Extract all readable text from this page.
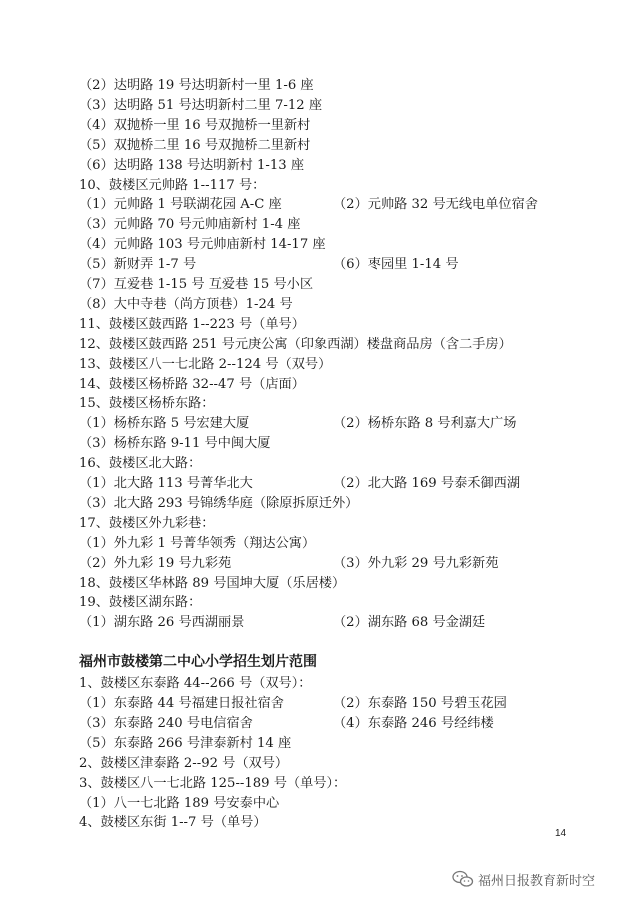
（2）达明路 19 号达明新村一里 1-6 座
（3）达明路 51 号达明新村二里 7-12 座
（4）双抛桥一里 16 号双抛桥一里新村
（5）双抛桥二里 16 号双抛桥二里新村
（6）达明路 138 号达明新村 1-13 座
10、鼓楼区元帅路 1--117 号：
（1）元帅路 1 号联湖花园 A-C 座	（2）元帅路 32 号无线电单位宿舍
（3）元帅路 70 号元帅庙新村 1-4 座
（4）元帅路 103 号元帅庙新村 14-17 座
（5）新财弄 1-7 号	（6）枣园里 1-14 号
（7）互爱巷 1-15 号 互爱巷 15 号小区
（8）大中寺巷（尚方顶巷）1-24 号
11、鼓楼区鼓西路 1--223 号（单号）
12、鼓楼区鼓西路 251 号元庚公寓（印象西湖）楼盘商品房（含二手房）
13、鼓楼区八一七北路 2--124 号（双号）
14、鼓楼区杨桥路 32--47 号（店面）
15、鼓楼区杨桥东路：
（1）杨桥东路 5 号宏建大厦	（2）杨桥东路 8 号利嘉大广场
（3）杨桥东路 9-11 号中闽大厦
16、鼓楼区北大路：
（1）北大路 113 号菁华北大	（2）北大路 169 号泰禾御西湖
（3）北大路 293 号锦绣华庭（除原拆原迁外）
17、鼓楼区外九彩巷：
（1）外九彩 1 号菁华领秀（翔达公寓）
（2）外九彩 19 号九彩苑	（3）外九彩 29 号九彩新苑
18、鼓楼区华林路 89 号国坤大厦（乐居楼）
19、鼓楼区湖东路：
（1）湖东路 26 号西湖丽景	（2）湖东路 68 号金湖廷
福州市鼓楼第二中心小学招生划片范围
1、鼓楼区东泰路 44--266 号（双号）：
（1）东泰路 44 号福建日报社宿舍	（2）东泰路 150 号碧玉花园
（3）东泰路 240 号电信宿舍	（4）东泰路 246 号经纬楼
（5）东泰路 266 号津泰新村 14 座
2、鼓楼区津泰路 2--92 号（双号）
3、鼓楼区八一七北路 125--189 号（单号）：
（1）八一七北路 189 号安泰中心
4、鼓楼区东街 1--7 号（单号）
14
福州日报教育新时空
